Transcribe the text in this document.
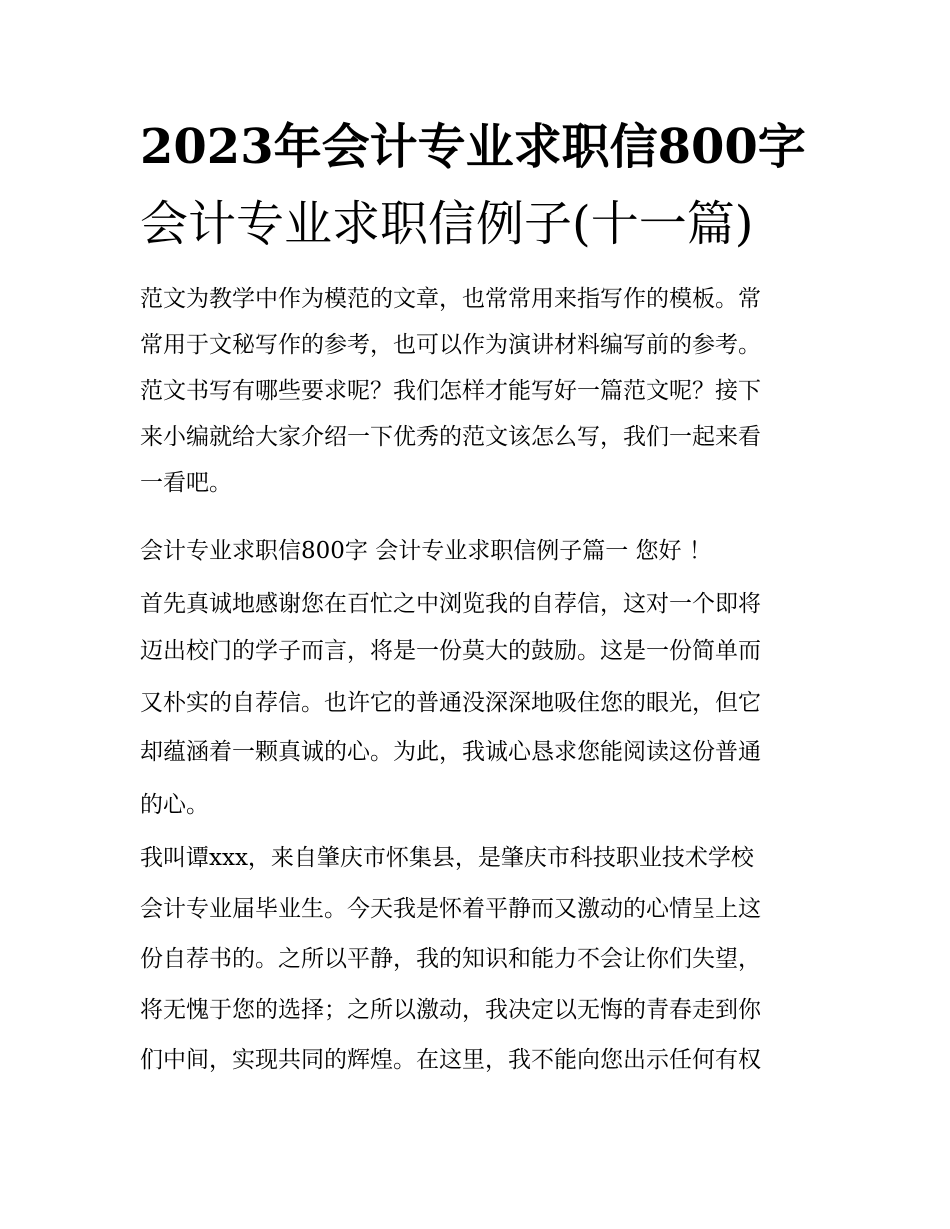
2023年会计专业求职信800字
会计专业求职信例子(十一篇)

范文为教学中作为模范的文章，也常常用来指写作的模板。常

常用于文秘写作的参考，也可以作为演讲材料编写前的参考。

范文书写有哪些要求呢？我们怎样才能写好一篇范文呢？接下

来小编就给大家介绍一下优秀的范文该怎么写，我们一起来看

一看吧。

会计专业求职信800字 会计专业求职信例子篇一 您好 ！

首先真诚地感谢您在百忙之中浏览我的自荐信，这对一个即将

迈出校门的学子而言，将是一份莫大的鼓励。这是一份简单而

又朴实的自荐信。也许它的普通没深深地吸住您的眼光，但它

却蕴涵着一颗真诚的心。为此，我诚心恳求您能阅读这份普通

的心。

我叫谭xxx，来自肇庆市怀集县，是肇庆市科技职业技术学校

会计专业届毕业生。今天我是怀着平静而又激动的心情呈上这

份自荐书的。之所以平静，我的知识和能力不会让你们失望，

将无愧于您的选择；之所以激动，我决定以无悔的青春走到你

们中间，实现共同的辉煌。在这里，我不能向您出示任何有权
